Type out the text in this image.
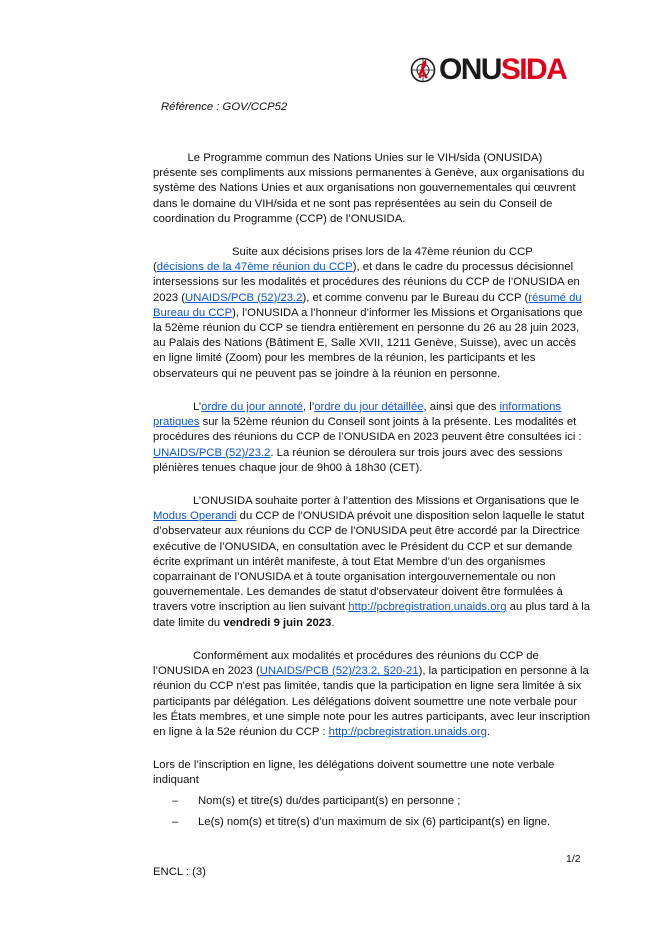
ONUSIDA
Référence : GOV/CCP52
Le Programme commun des Nations Unies sur le VIH/sida (ONUSIDA)
présente ses compliments aux missions permanentes à Genève, aux organisations du
système des Nations Unies et aux organisations non gouvernementales qui œuvrent
dans le domaine du VIH/sida et ne sont pas représentées au sein du Conseil de
coordination du Programme (CCP) de l’ONUSIDA.
Suite aux décisions prises lors de la 47ème réunion du CCP
(décisions de la 47ème réunion du CCP), et dans le cadre du processus décisionnel
intersessions sur les modalités et procédures des réunions du CCP de l’ONUSIDA en
2023 (UNAIDS/PCB (52)/23.2), et comme convenu par le Bureau du CCP (résumé du
Bureau du CCP), l’ONUSIDA a l’honneur d’informer les Missions et Organisations que
la 52ème réunion du CCP se tiendra entièrement en personne du 26 au 28 juin 2023,
au Palais des Nations (Bâtiment E, Salle XVII, 1211 Genève, Suisse), avec un accès
en ligne limité (Zoom) pour les membres de la réunion, les participants et les
observateurs qui ne peuvent pas se joindre à la réunion en personne.
L’ordre du jour annoté, l’ordre du jour détaillée, ainsi que des informations
pratiques sur la 52ème réunion du Conseil sont joints à la présente. Les modalités et
procédures des réunions du CCP de l’ONUSIDA en 2023 peuvent être consultées ici :
UNAIDS/PCB (52)/23.2. La réunion se déroulera sur trois jours avec des sessions
plénières tenues chaque jour de 9h00 à 18h30 (CET).
L’ONUSIDA souhaite porter à l’attention des Missions et Organisations que le
Modus Operandi du CCP de l’ONUSIDA prévoit une disposition selon laquelle le statut
d’observateur aux réunions du CCP de l’ONUSIDA peut être accordé par la Directrice
exécutive de l’ONUSIDA, en consultation avec le Président du CCP et sur demande
écrite exprimant un intérêt manifeste, à tout Etat Membre d’un des organismes
coparrainant de l’ONUSIDA et à toute organisation intergouvernementale ou non
gouvernementale. Les demandes de statut d'observateur doivent être formulées à
travers votre inscription au lien suivant http://pcbregistration.unaids.org au plus tard à la
date limite du vendredi 9 juin 2023.
Conformément aux modalités et procédures des réunions du CCP de
l’ONUSIDA en 2023 (UNAIDS/PCB (52)/23.2, §20-21), la participation en personne à la
réunion du CCP n'est pas limitée, tandis que la participation en ligne sera limitée à six
participants par délégation. Les délégations doivent soumettre une note verbale pour
les États membres, et une simple note pour les autres participants, avec leur inscription
en ligne à la 52e réunion du CCP : http://pcbregistration.unaids.org.
Lors de l’inscription en ligne, les délégations doivent soumettre une note verbale
indiquant
– Nom(s) et titre(s) du/des participant(s) en personne ;
– Le(s) nom(s) et titre(s) d’un maximum de six (6) participant(s) en ligne.
1/2
ENCL : (3)
